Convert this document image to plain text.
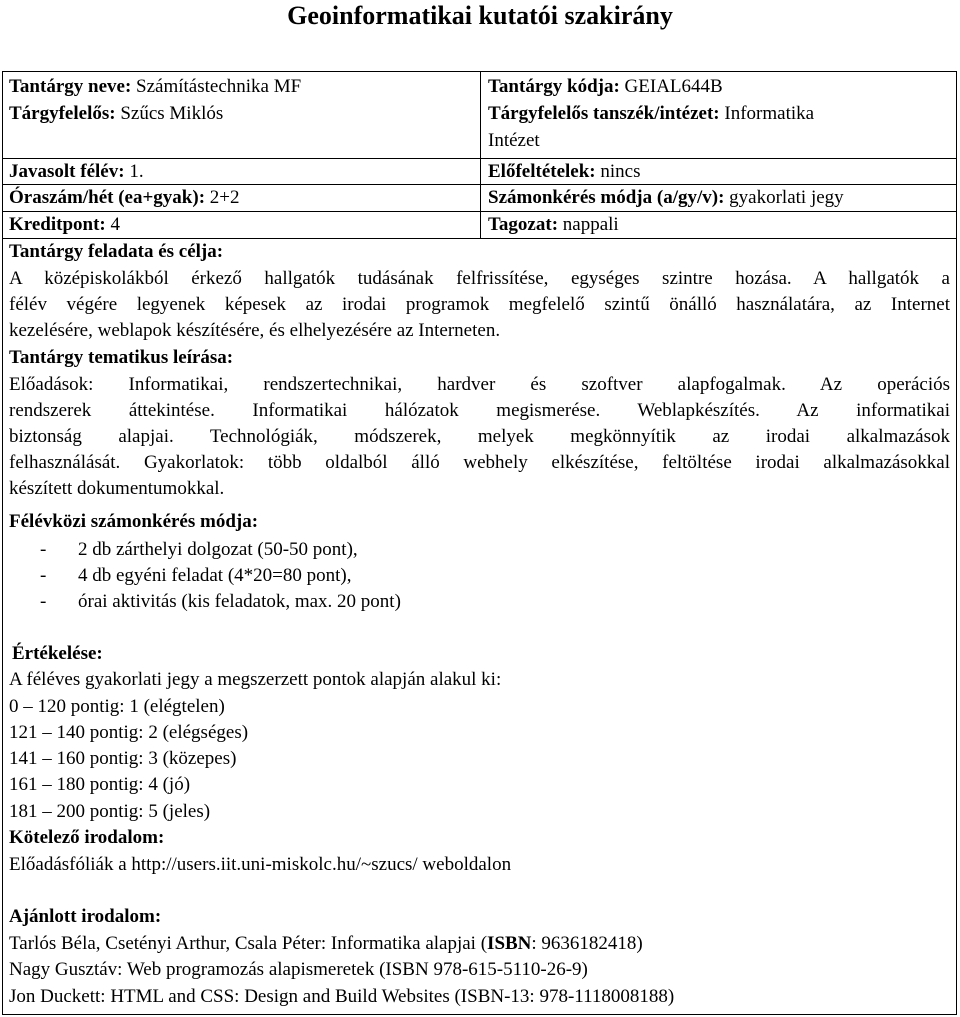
Geoinformatikai kutatói szakirány
Tantárgy neve: Számítástechnika MF
Tárgyfelelős: Szűcs Miklós
Javasolt félév: 1.
Óraszám/hét (ea+gyak): 2+2
Kreditpont: 4
Tantárgy kódja: GEIAL644B
Tárgyfelelős tanszék/intézet: Informatika
Intézet
Előfeltételek: nincs
Számonkérés módja (a/gy/v): gyakorlati jegy
Tagozat: nappali
Tantárgy feladata és célja:
A középiskolákból érkező hallgatók tudásának felfrissítése, egységes szintre hozása. A hallgatók a
félév végére legyenek képesek az irodai programok megfelelő szintű önálló használatára, az Internet
kezelésére, weblapok készítésére, és elhelyezésére az Interneten.
Tantárgy tematikus leírása:
Előadások: Informatikai, rendszertechnikai, hardver és szoftver alapfogalmak. Az operációs
rendszerek áttekintése. Informatikai hálózatok megismerése. Weblapkészítés. Az informatikai
biztonság alapjai. Technológiák, módszerek, melyek megkönnyítik az irodai alkalmazások
felhasználását. Gyakorlatok: több oldalból álló webhely elkészítése, feltöltése irodai alkalmazásokkal
készített dokumentumokkal.
Félévközi számonkérés módja:
- 2 db zárthelyi dolgozat (50-50 pont),
- 4 db egyéni feladat (4*20=80 pont),
- órai aktivitás (kis feladatok, max. 20 pont)
Értékelése:
A féléves gyakorlati jegy a megszerzett pontok alapján alakul ki:
0 – 120 pontig: 1 (elégtelen)
121 – 140 pontig: 2 (elégséges)
141 – 160 pontig: 3 (közepes)
161 – 180 pontig: 4 (jó)
181 – 200 pontig: 5 (jeles)
Kötelező irodalom:
Előadásfóliák a http://users.iit.uni-miskolc.hu/~szucs/ weboldalon
Ajánlott irodalom:
Tarlós Béla, Csetényi Arthur, Csala Péter: Informatika alapjai (ISBN: 9636182418)
Nagy Gusztáv: Web programozás alapismeretek (ISBN 978-615-5110-26-9)
Jon Duckett: HTML and CSS: Design and Build Websites (ISBN-13: 978-1118008188)
